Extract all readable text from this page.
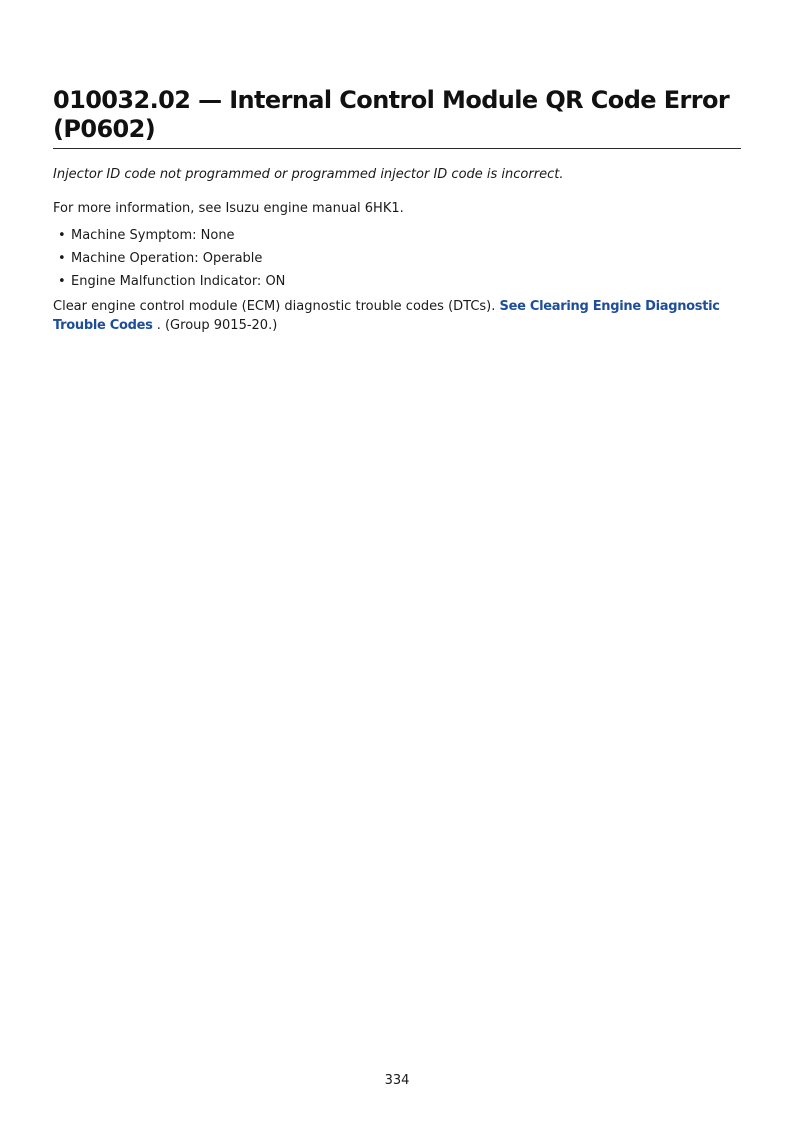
010032.02 — Internal Control Module QR Code Error
(P0602)

Injector ID code not programmed or programmed injector ID code is incorrect.

For more information, see Isuzu engine manual 6HK1.

• Machine Symptom: None
• Machine Operation: Operable
• Engine Malfunction Indicator: ON

Clear engine control module (ECM) diagnostic trouble codes (DTCs). See Clearing Engine Diagnostic Trouble Codes . (Group 9015-20.)

334
